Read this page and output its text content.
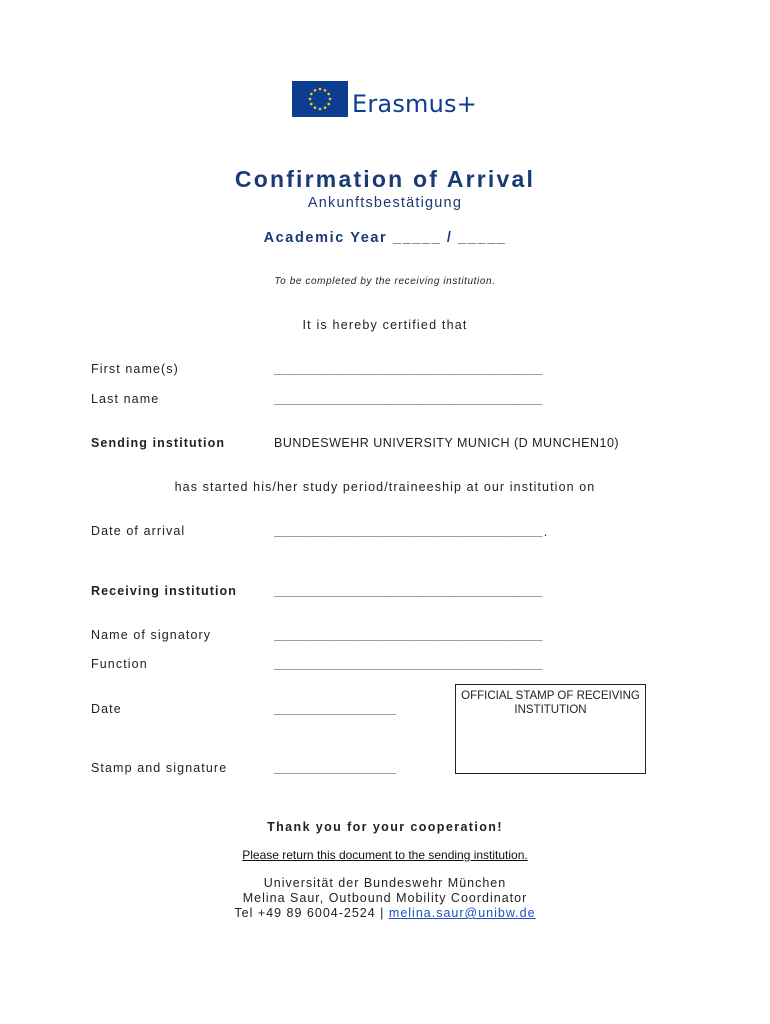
Erasmus+
Confirmation of Arrival
Ankunftsbestätigung
Academic Year _____ / _____
To be completed by the receiving institution.
It is hereby certified that
First name(s)	____________________________________________
Last name	____________________________________________
Sending institution	BUNDESWEHR UNIVERSITY MUNICH (D MUNCHEN10)
has started his/her study period/traineeship at our institution on
Date of arrival	____________________________________________.
Receiving institution	____________________________________________
Name of signatory	____________________________________________
Function	____________________________________________
Date	____________________
Stamp and signature	____________________
OFFICIAL STAMP OF RECEIVING INSTITUTION
Thank you for your cooperation!
Please return this document to the sending institution.
Universität der Bundeswehr München
Melina Saur, Outbound Mobility Coordinator
Tel +49 89 6004-2524 | melina.saur@unibw.de
